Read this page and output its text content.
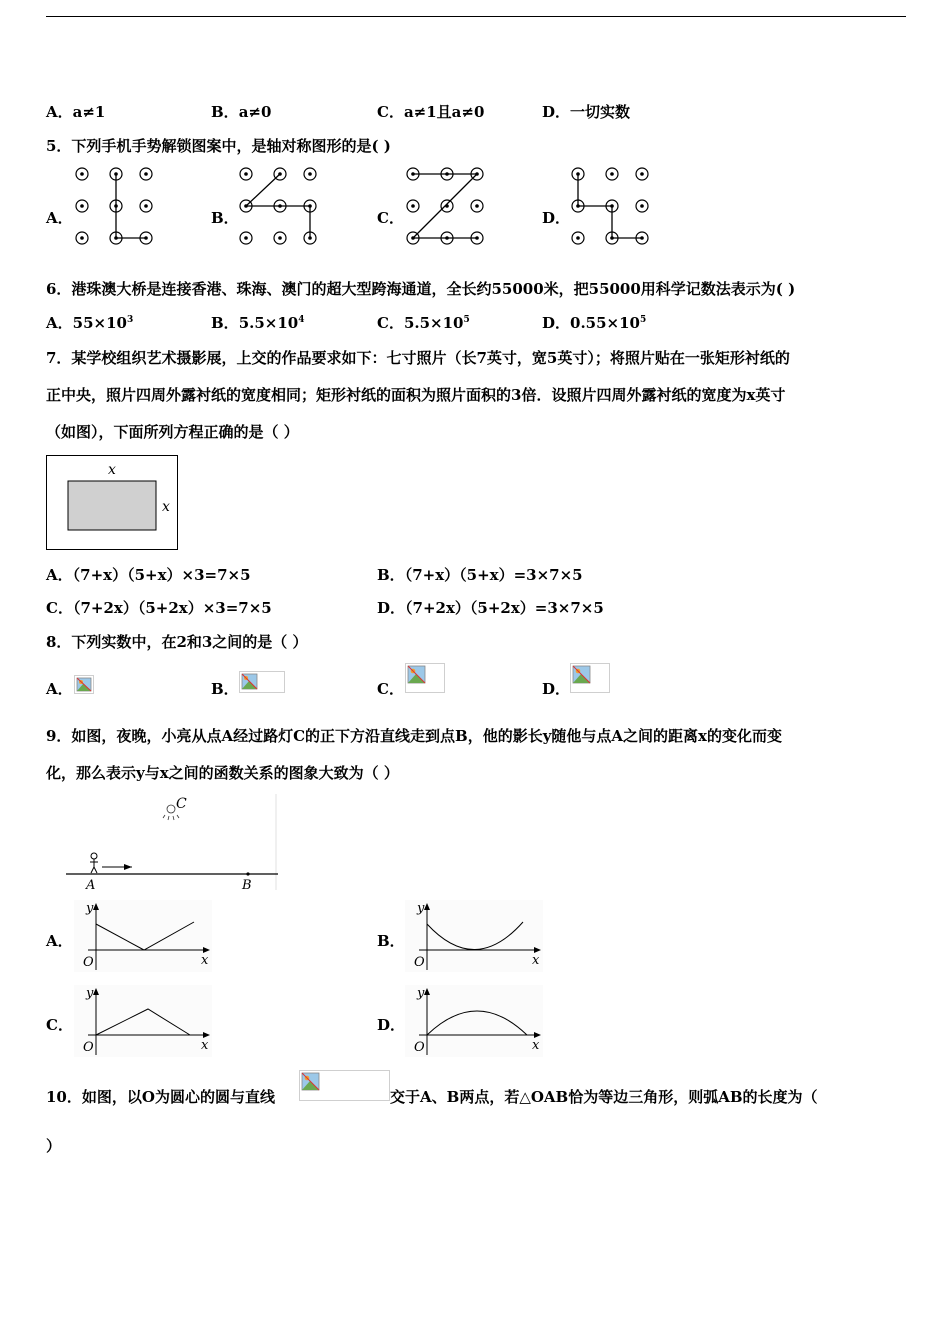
A．a≠1	B．a≠0	C．a≠1且a≠0	D．一切实数
5．下列手机手势解锁图案中，是轴对称图形的是( )
A．	B．	C．	D．
6．港珠澳大桥是连接香港、珠海、澳门的超大型跨海通道，全长约55000米，把55000用科学记数法表示为( )
A．$55\times 10^3$	B．$5.5\times 10^4$	C．$5.5\times 10^5$	D．$0.55\times 10^5$
7．某学校组织艺术摄影展，上交的作品要求如下：七寸照片（长7英寸，宽5英寸）；将照片贴在一张矩形衬纸的
正中央，照片四周外露衬纸的宽度相同；矩形衬纸的面积为照片面积的3倍．设照片四周外露衬纸的宽度为x英寸
（如图），下面所列方程正确的是（ ）
x
x
A．（7+x）（5+x）×3=7×5	B．（7+x）（5+x）=3×7×5
C．（7+2x）（5+2x）×3=7×5	D．（7+2x）（5+2x）=3×7×5
8．下列实数中，在2和3之间的是（ ）
A．	B．	C．	D．
9．如图，夜晚，小亮从点A经过路灯C的正下方沿直线走到点B，他的影长y随他与点A之间的距离x的变化而变
化，那么表示y与x之间的函数关系的图象大致为（ ）
C
A	B
A．	B．
C．	D．
y
x
O
y
x
O
y
x
O
y
x
O
10．如图，以O为圆心的圆与直线	交于A、B两点，若△OAB恰为等边三角形，则弧AB的长度为（
）
